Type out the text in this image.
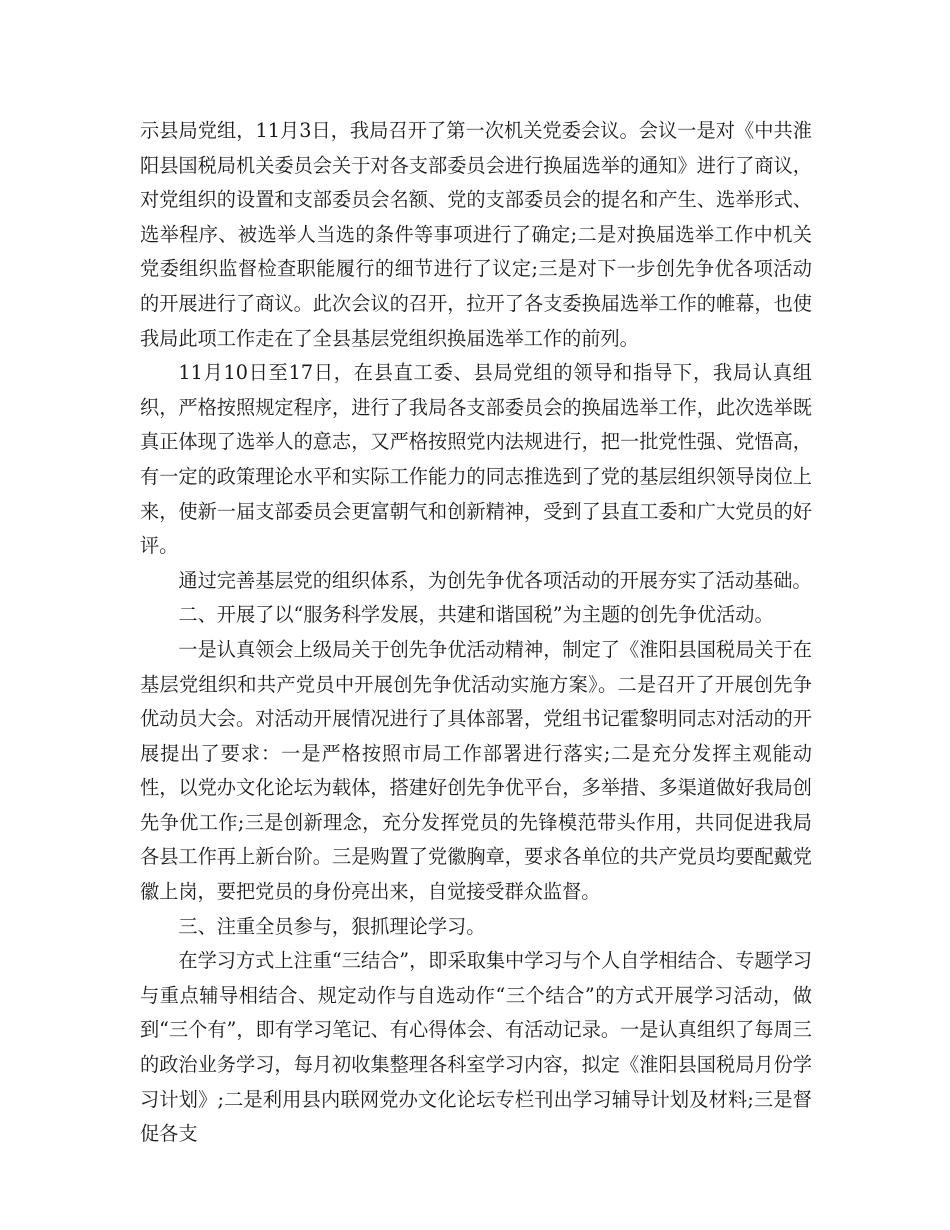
示县局党组，11月3日，我局召开了第一次机关党委会议。会议一是对《中共淮阳县国税局机关委员会关于对各支部委员会进行换届选举的通知》进行了商议，对党组织的设置和支部委员会名额、党的支部委员会的提名和产生、选举形式、选举程序、被选举人当选的条件等事项进行了确定;二是对换届选举工作中机关党委组织监督检查职能履行的细节进行了议定;三是对下一步创先争优各项活动的开展进行了商议。此次会议的召开，拉开了各支委换届选举工作的帷幕，也使我局此项工作走在了全县基层党组织换届选举工作的前列。

11月10日至17日，在县直工委、县局党组的领导和指导下，我局认真组织，严格按照规定程序，进行了我局各支部委员会的换届选举工作，此次选举既真正体现了选举人的意志，又严格按照党内法规进行，把一批党性强、党悟高，有一定的政策理论水平和实际工作能力的同志推选到了党的基层组织领导岗位上来，使新一届支部委员会更富朝气和创新精神，受到了县直工委和广大党员的好评。

通过完善基层党的组织体系，为创先争优各项活动的开展夯实了活动基础。

二、开展了以“服务科学发展，共建和谐国税”为主题的创先争优活动。

一是认真领会上级局关于创先争优活动精神，制定了《淮阳县国税局关于在基层党组织和共产党员中开展创先争优活动实施方案》。二是召开了开展创先争优动员大会。对活动开展情况进行了具体部署，党组书记霍黎明同志对活动的开展提出了要求：一是严格按照市局工作部署进行落实;二是充分发挥主观能动性，以党办文化论坛为载体，搭建好创先争优平台，多举措、多渠道做好我局创先争优工作;三是创新理念，充分发挥党员的先锋模范带头作用，共同促进我局各县工作再上新台阶。三是购置了党徽胸章，要求各单位的共产党员均要配戴党徽上岗，要把党员的身份亮出来，自觉接受群众监督。

三、注重全员参与，狠抓理论学习。

在学习方式上注重“三结合”，即采取集中学习与个人自学相结合、专题学习与重点辅导相结合、规定动作与自选动作“三个结合”的方式开展学习活动，做到“三个有”，即有学习笔记、有心得体会、有活动记录。一是认真组织了每周三的政治业务学习，每月初收集整理各科室学习内容，拟定《淮阳县国税局月份学习计划》;二是利用县内联网党办文化论坛专栏刊出学习辅导计划及材料;三是督促各支
